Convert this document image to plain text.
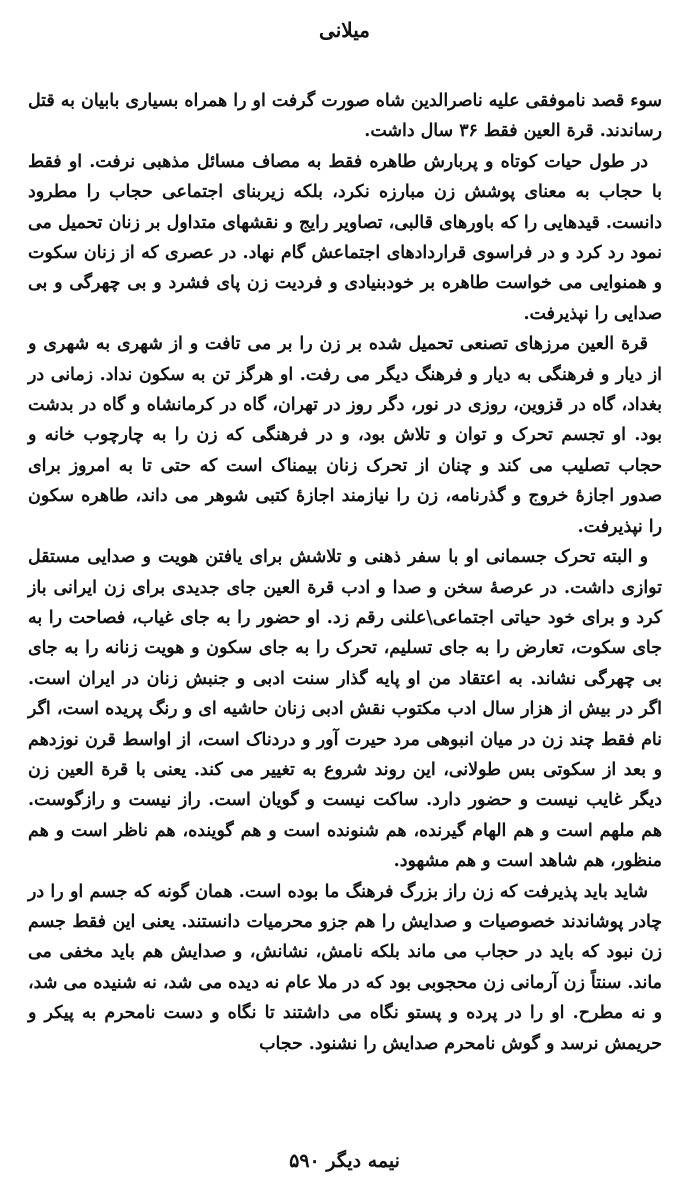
میلانی

سوء قصد ناموفقی علیه ناصرالدین شاه صورت گرفت او را همراه بسیاری بابیان به قتل رساندند. قرة العین فقط ۳۶ سال داشت.

در طول حیات کوتاه و پربارش طاهره فقط به مصاف مسائل مذهبی نرفت. او فقط با حجاب به معنای پوشش زن مبارزه نکرد، بلکه زیربنای اجتماعی حجاب را مطرود دانست. قیدهایی را که باورهای قالبی، تصاویر رایج و نقشهای متداول بر زنان تحمیل می نمود رد کرد و در فراسوی قراردادهای اجتماعش گام نهاد. در عصری که از زنان سکوت و همنوایی می خواست طاهره بر خودبنیادی و فردیت زن پای فشرد و بی چهرگی و بی صدایی را نپذیرفت.

قرة العین مرزهای تصنعی تحمیل شده بر زن را بر می تافت و از شهری به شهری و از دیار و فرهنگی به دیار و فرهنگ دیگر می رفت. او هرگز تن به سکون نداد. زمانی در بغداد، گاه در قزوین، روزی در نور، دگر روز در تهران، گاه در کرمانشاه و گاه در بدشت بود. او تجسم تحرک و توان و تلاش بود، و در فرهنگی که زن را به چارچوب خانه و حجاب تصلیب می کند و چنان از تحرک زنان بیمناک است که حتی تا به امروز برای صدور اجازهٔ خروج و گذرنامه، زن را نیازمند اجازهٔ کتبی شوهر می داند، طاهره سکون را نپذیرفت.

و البته تحرک جسمانی او با سفر ذهنی و تلاشش برای یافتن هویت و صدایی مستقل توازی داشت. در عرصهٔ سخن و صدا و ادب قرة العین جای جدیدی برای زن ایرانی باز کرد و برای خود حیاتی اجتماعی\علنی رقم زد. او حضور را به جای غیاب، فصاحت را به جای سکوت، تعارض را به جای تسلیم، تحرک را به جای سکون و هویت زنانه را به جای بی چهرگی نشاند. به اعتقاد من او پایه گذار سنت ادبی و جنبش زنان در ایران است. اگر در بیش از هزار سال ادب مکتوب نقش ادبی زنان حاشیه ای و رنگ پریده است، اگر نام فقط چند زن در میان انبوهی مرد حیرت آور و دردناک است، از اواسط قرن نوزدهم و بعد از سکوتی بس طولانی، این روند شروع به تغییر می کند. یعنی با قرة العین زن دیگر غایب نیست و حضور دارد. ساکت نیست و گویان است. راز نیست و رازگوست. هم ملهم است و هم الهام گیرنده، هم شنونده است و هم گوینده، هم ناظر است و هم منظور، هم شاهد است و هم مشهود.

شاید باید پذیرفت که زن راز بزرگ فرهنگ ما بوده است. همان گونه که جسم او را در چادر پوشاندند خصوصیات و صدایش را هم جزو محرمیات دانستند. یعنی این فقط جسم زن نبود که باید در حجاب می ماند بلکه نامش، نشانش، و صدایش هم باید مخفی می ماند. سنتاً زن آرمانی زن محجوبی بود که در ملا عام نه دیده می شد، نه شنیده می شد، و نه مطرح. او را در پرده و پستو نگاه می داشتند تا نگاه و دست نامحرم به پیکر و حریمش نرسد و گوش نامحرم صدایش را نشنود. حجاب

نیمه دیگر ۵۹۰
